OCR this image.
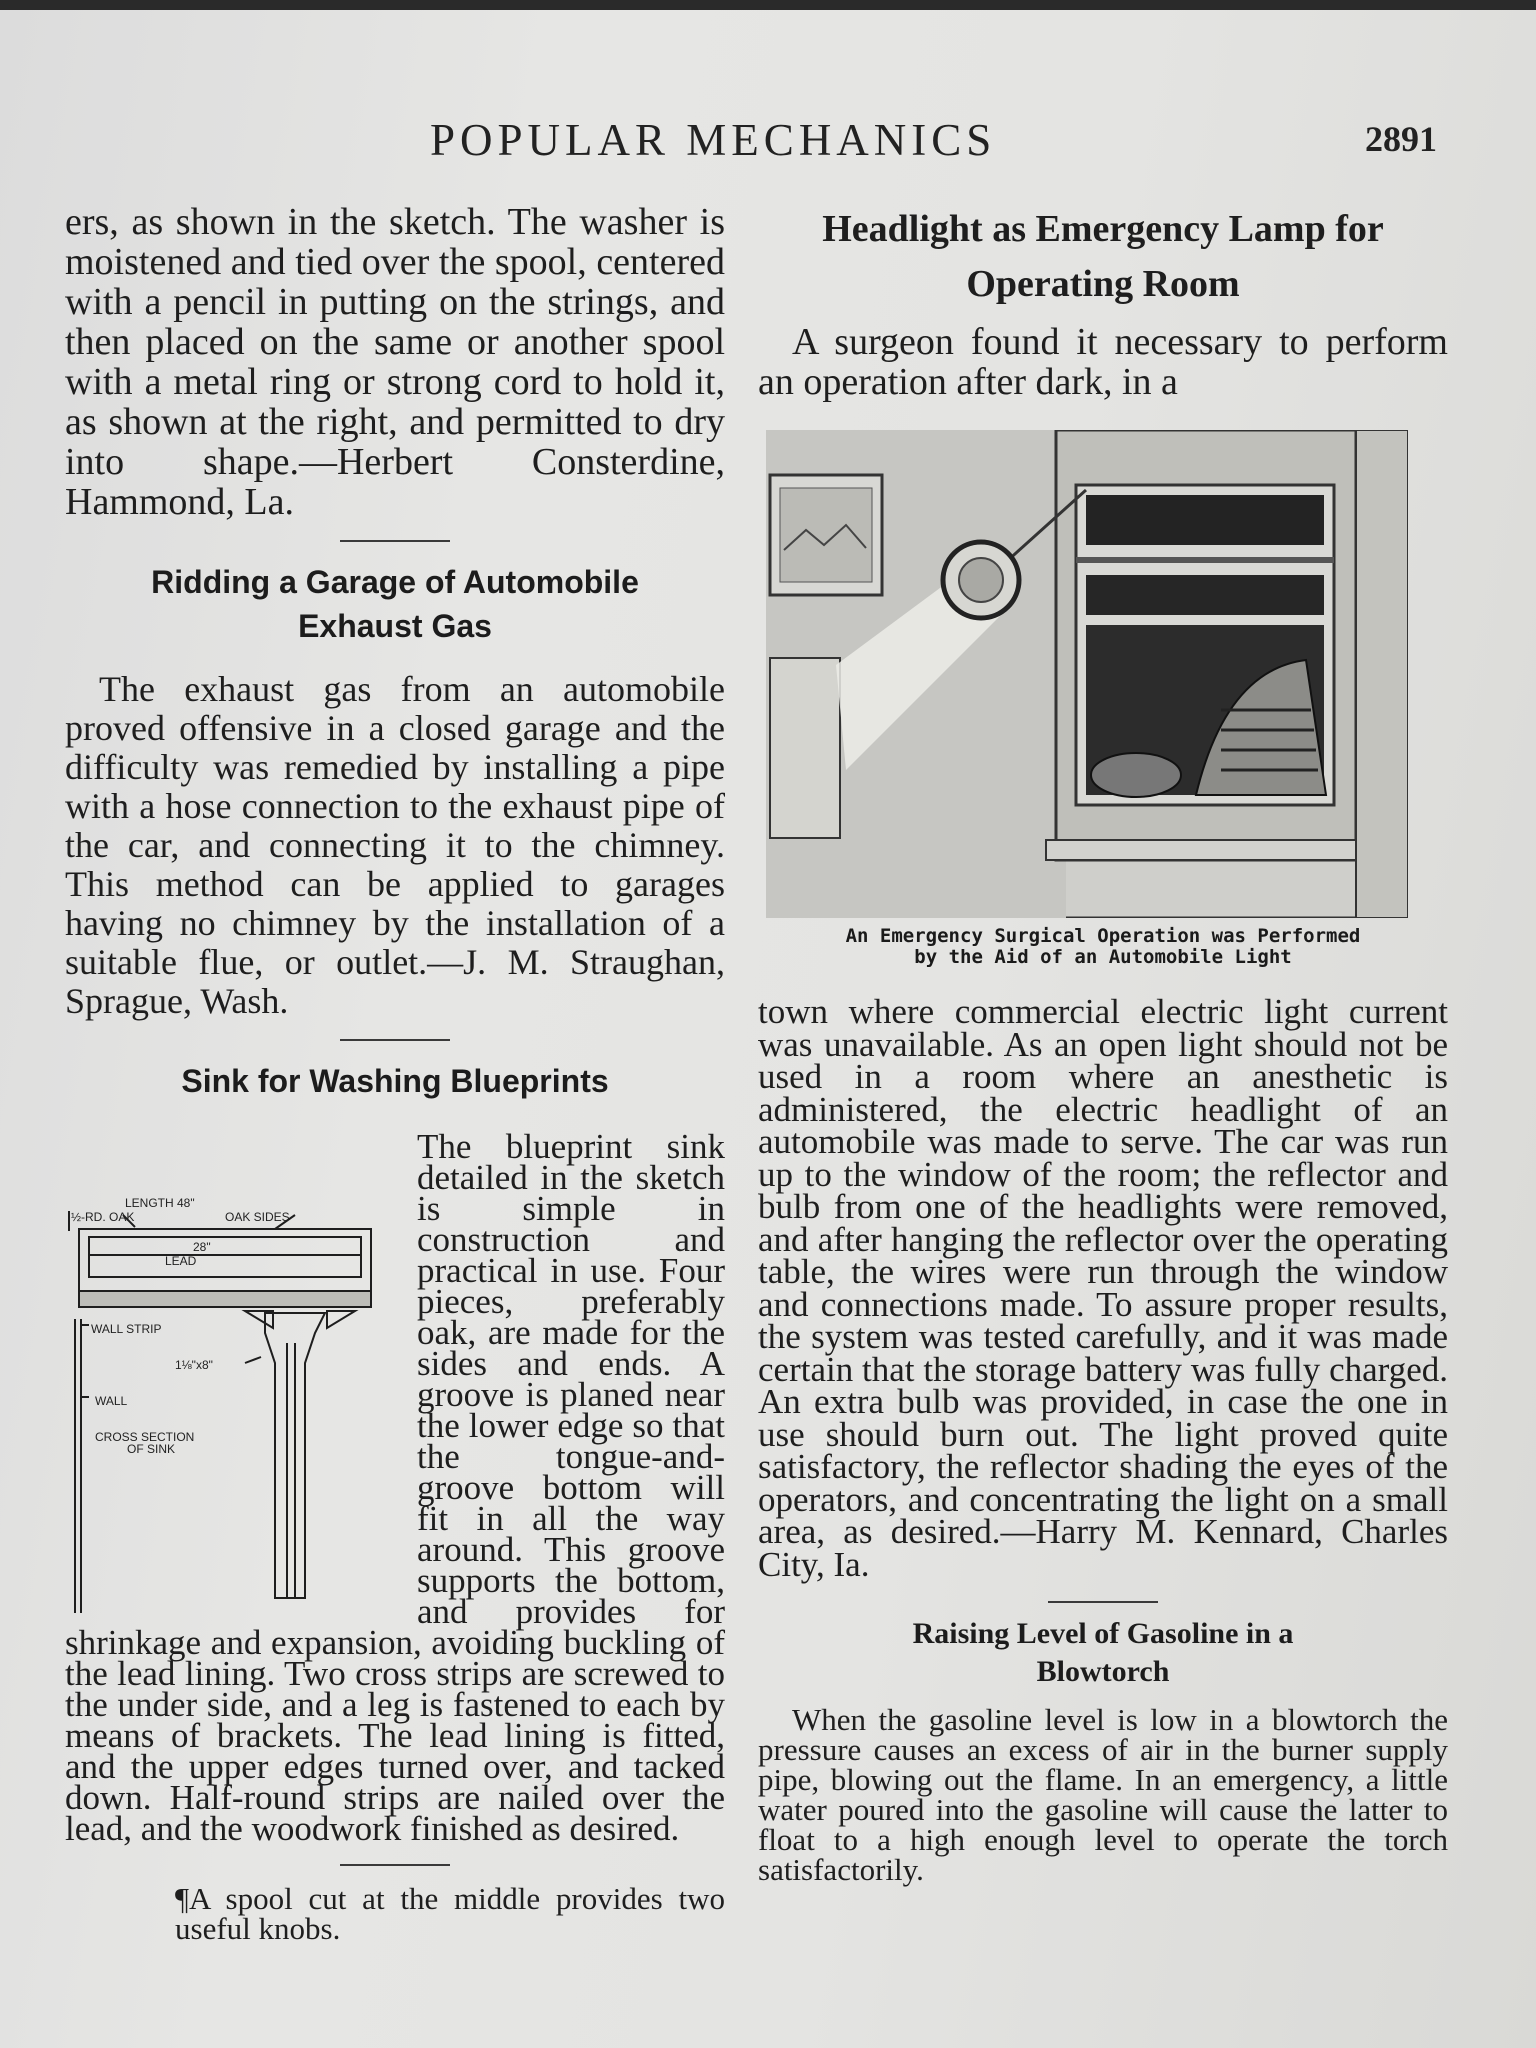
POPULAR MECHANICS	2891

ers, as shown in the sketch. The washer is moistened and tied over the spool, centered with a pencil in putting on the strings, and then placed on the same or another spool with a metal ring or strong cord to hold it, as shown at the right, and permitted to dry into shape.—Herbert Consterdine, Hammond, La.

Ridding a Garage of Automobile Exhaust Gas

The exhaust gas from an automobile proved offensive in a closed garage and the difficulty was remedied by installing a pipe with a hose connection to the exhaust pipe of the car, and connecting it to the chimney. This method can be applied to garages having no chimney by the installation of a suitable flue, or outlet.—J. M. Straughan, Sprague, Wash.

Sink for Washing Blueprints
LENGTH 48"
½-RD. OAK	OAK SIDES
28"
LEAD
WALL STRIP
1⅛"x8"
WALL
CROSS SECTION
OF SINK

The blueprint sink detailed in the sketch is simple in construction and practical in use. Four pieces, preferably oak, are made for the sides and ends. A groove is planed near the lower edge so that the tongue-and-groove bottom will fit in all the way around. This groove supports the bottom, and provides for shrinkage and expansion, avoiding buckling of the lead lining. Two cross strips are screwed to the under side, and a leg is fastened to each by means of brackets. The lead lining is fitted, and the upper edges turned over, and tacked down. Half-round strips are nailed over the lead, and the woodwork finished as desired.

¶A spool cut at the middle provides two useful knobs.

Headlight as Emergency Lamp for
Operating Room

A surgeon found it necessary to perform an operation after dark, in a

An Emergency Surgical Operation was Performed
by the Aid of an Automobile Light

town where commercial electric light current was unavailable. As an open light should not be used in a room where an anesthetic is administered, the electric headlight of an automobile was made to serve. The car was run up to the window of the room; the reflector and bulb from one of the headlights were removed, and after hanging the reflector over the operating table, the wires were run through the window and connections made. To assure proper results, the system was tested carefully, and it was made certain that the storage battery was fully charged. An extra bulb was provided, in case the one in use should burn out. The light proved quite satisfactory, the reflector shading the eyes of the operators, and concentrating the light on a small area, as desired.—Harry M. Kennard, Charles City, Ia.

Raising Level of Gasoline in a
Blowtorch

When the gasoline level is low in a blowtorch the pressure causes an excess of air in the burner supply pipe, blowing out the flame. In an emergency, a little water poured into the gasoline will cause the latter to float to a high enough level to operate the torch satisfactorily.
